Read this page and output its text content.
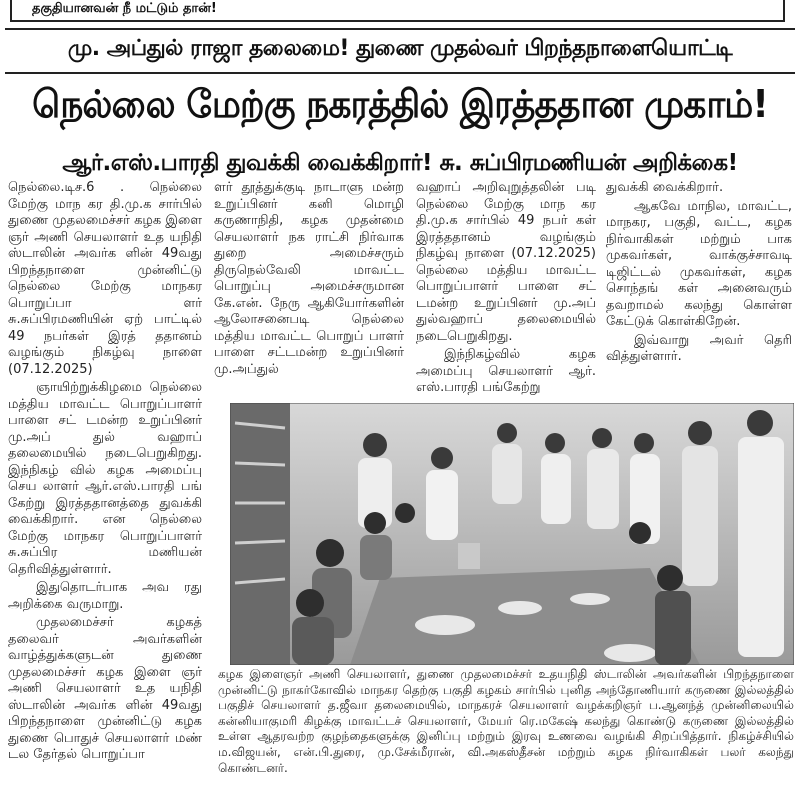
தகுதியானவன் நீ மட்டும் தான்!
மு. அப்துல் ராஜா தலைமை! துணை முதல்வர் பிறந்தநாளையொட்டி
நெல்லை மேற்கு நகரத்தில் இரத்ததான முகாம்!
ஆர்.எஸ்.பாரதி துவக்கி வைக்கிறார்! சு. சுப்பிரமணியன் அறிக்கை!

நெல்லை.டிச.6 . நெல்லை மேற்கு மாந கர தி.மு.க சார்பில் துணை முதலமைச்சர் கழக இளை ஞர் அணி செயலாளர் உத யநிதி ஸ்டாலின் அவர்க ளின் 49வது பிறந்தநாளை முன்னிட்டு நெல்லை மேற்கு மாநகர பொறுப்பா ளர் சு.சுப்பிரமணியின் ஏற் பாட்டில் 49 நபர்கள் இரத் ததானம் வழங்கும் நிகழ்வு நாளை (07.12.2025)

ஞாயிற்றுக்கிழமை நெல்லை மத்திய மாவட்ட பொறுப்பாளர் பாளை சட் டமன்ற உறுப்பினர் மு.அப் துல் வஹாப் தலைமையில் நடைபெறுகிறது. இந்நிகழ் வில் கழக அமைப்பு செய லாளர் ஆர்.எஸ்.பாரதி பங் கேற்று இரத்ததானத்தை துவக்கி வைக்கிறார். என நெல்லை மேற்கு மாநகர பொறுப்பாளர் சு.சுப்பிர மணியன் தெரிவித்துள்ளார்.

இதுதொடர்பாக அவ ரது அறிக்கை வருமாறு.

முதலமைச்சர் கழகத் தலைவர் அவர்களின் வாழ்த்துக்களுடன் துணை முதலமைச்சர் கழக இளை ஞர் அணி செயலாளர் உத யநிதி ஸ்டாலின் அவர்க ளின் 49வது பிறந்தநாளை முன்னிட்டு கழக துணை பொதுச் செயலாளர் மண் டல தேர்தல் பொறுப்பா

ளர் தூத்துக்குடி நாடாளு மன்ற உறுப்பினர் கனி மொழி கருணாநிதி, கழக முதன்மை செயலாளர் நக ராட்சி நிர்வாக துறை அமைச்சரும் திருநெல்வேலி மாவட்ட பொறுப்பு அமைச்சருமான கே.என். நேரு ஆகியோர்களின் ஆலோசனைபடி நெல்லை மத்திய மாவட்ட பொறுப் பாளர் பாளை சட்டமன்ற உறுப்பினர் மு.அப்துல்

வஹாப் அறிவுறுத்தலின் படி நெல்லை மேற்கு மாந கர தி.மு.க சார்பில் 49 நபர் கள் இரத்ததானம் வழங்கும் நிகழ்வு நாளை (07.12.2025) நெல்லை மத்திய மாவட்ட பொறுப்பாளர் பாளை சட் டமன்ற உறுப்பினர் மு.அப் துல்வஹாப் தலைமையில் நடைபெறுகிறது.

இந்நிகழ்வில் கழக அமைப்பு செயலாளர் ஆர். எஸ்.பாரதி பங்கேற்று

துவக்கி வைக்கிறார்.

ஆகவே மாநில, மாவட்ட, மாநகர, பகுதி, வட்ட, கழக நிர்வாகிகள் மற்றும் பாக முகவர்கள், வாக்குச்சாவடி டிஜிட்டல் முகவர்கள், கழக சொந்தங் கள் அனைவரும் தவறாமல் கலந்து கொள்ள கேட்டுக் கொள்கிறேன்.

இவ்வாறு அவர் தெரி வித்துள்ளார்.

கழக இளைஞர் அணி செயலாளர், துணை முதலமைச்சர் உதயநிதி ஸ்டாலின் அவர்களின் பிறந்தநாளை முன்னிட்டு நாகர்கோவில் மாநகர தெற்கு பகுதி கழகம் சார்பில் புனித அந்தோணியார் கருணை இல்லத்தில் பகுதிச் செயலாளர் த.ஜீவா தலைமையில், மாநகரச் செயலாளர் வழக்கறிஞர் ப.ஆனந்த் முன்னிலையில் கன்னியாகுமரி கிழக்கு மாவட்டச் செயலாளர், மேயர் ரெ.மகேஷ் கலந்து கொண்டு கருணை இல்லத்தில் உள்ள ஆதரவற்ற குழந்தைகளுக்கு இனிப்பு மற்றும் இரவு உணவை வழங்கி சிறப்பித்தார். நிகழ்ச்சியில் ம.விஜயன், என்.பி.துரை, மு.சேக்மீரான், வி.அகஸ்தீசன் மற்றும் கழக நிர்வாகிகள் பலர் கலந்து கொண்டனர்.
